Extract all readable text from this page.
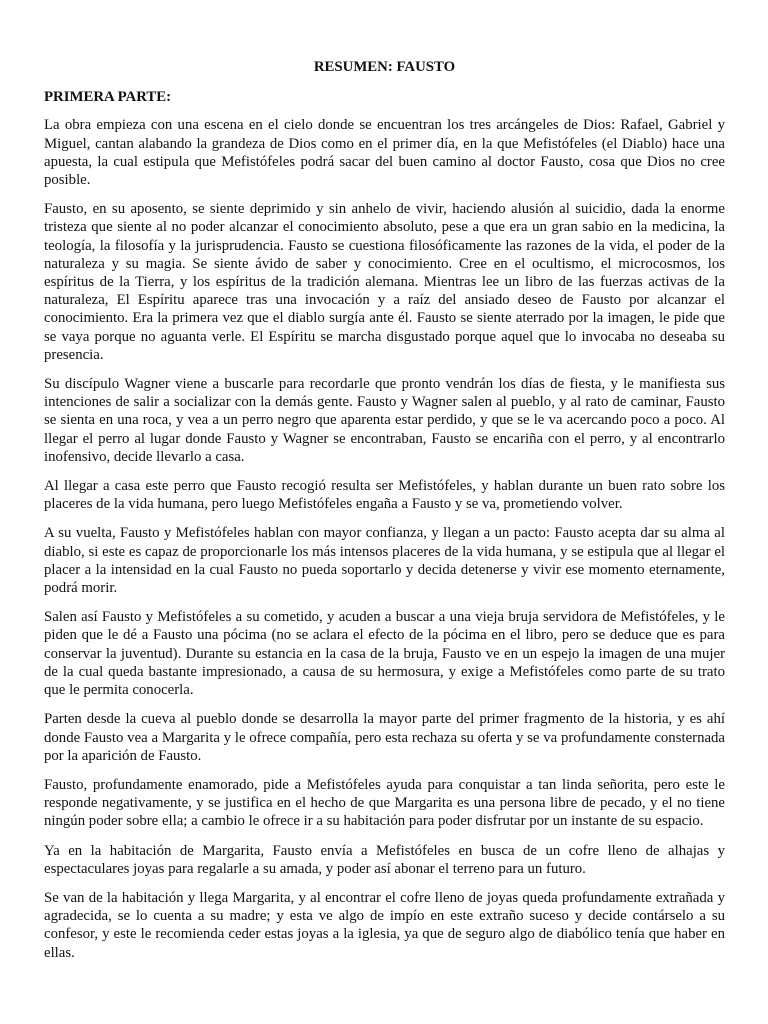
RESUMEN: FAUSTO
PRIMERA PARTE:

La obra empieza con una escena en el cielo donde se encuentran los tres arcángeles de Dios: Rafael, Gabriel y Miguel, cantan alabando la grandeza de Dios como en el primer día, en la que Mefistófeles (el Diablo) hace una apuesta, la cual estipula que Mefistófeles podrá sacar del buen camino al doctor Fausto, cosa que Dios no cree posible.

Fausto, en su aposento, se siente deprimido y sin anhelo de vivir, haciendo alusión al suicidio, dada la enorme tristeza que siente al no poder alcanzar el conocimiento absoluto, pese a que era un gran sabio en la medicina, la teología, la filosofía y la jurisprudencia. Fausto se cuestiona filosóficamente las razones de la vida, el poder de la naturaleza y su magia. Se siente ávido de saber y conocimiento. Cree en el ocultismo, el microcosmos, los espíritus de la Tierra, y los espíritus de la tradición alemana. Mientras lee un libro de las fuerzas activas de la naturaleza, El Espíritu aparece tras una invocación y a raíz del ansiado deseo de Fausto por alcanzar el conocimiento. Era la primera vez que el diablo surgía ante él. Fausto se siente aterrado por la imagen, le pide que se vaya porque no aguanta verle. El Espíritu se marcha disgustado porque aquel que lo invocaba no deseaba su presencia.

Su discípulo Wagner viene a buscarle para recordarle que pronto vendrán los días de fiesta, y le manifiesta sus intenciones de salir a socializar con la demás gente. Fausto y Wagner salen al pueblo, y al rato de caminar, Fausto se sienta en una roca, y vea a un perro negro que aparenta estar perdido, y que se le va acercando poco a poco. Al llegar el perro al lugar donde Fausto y Wagner se encontraban, Fausto se encariña con el perro, y al encontrarlo inofensivo, decide llevarlo a casa.

Al llegar a casa este perro que Fausto recogió resulta ser Mefistófeles, y hablan durante un buen rato sobre los placeres de la vida humana, pero luego Mefistófeles engaña a Fausto y se va, prometiendo volver.

A su vuelta, Fausto y Mefistófeles hablan con mayor confianza, y llegan a un pacto: Fausto acepta dar su alma al diablo, si este es capaz de proporcionarle los más intensos placeres de la vida humana, y se estipula que al llegar el placer a la intensidad en la cual Fausto no pueda soportarlo y decida detenerse y vivir ese momento eternamente, podrá morir.

Salen así Fausto y Mefistófeles a su cometido, y acuden a buscar a una vieja bruja servidora de Mefistófeles, y le piden que le dé a Fausto una pócima (no se aclara el efecto de la pócima en el libro, pero se deduce que es para conservar la juventud). Durante su estancia en la casa de la bruja, Fausto ve en un espejo la imagen de una mujer de la cual queda bastante impresionado, a causa de su hermosura, y exige a Mefistófeles como parte de su trato que le permita conocerla.

Parten desde la cueva al pueblo donde se desarrolla la mayor parte del primer fragmento de la historia, y es ahí donde Fausto vea a Margarita y le ofrece compañía, pero esta rechaza su oferta y se va profundamente consternada por la aparición de Fausto.

Fausto, profundamente enamorado, pide a Mefistófeles ayuda para conquistar a tan linda señorita, pero este le responde negativamente, y se justifica en el hecho de que Margarita es una persona libre de pecado, y el no tiene ningún poder sobre ella; a cambio le ofrece ir a su habitación para poder disfrutar por un instante de su espacio.

Ya en la habitación de Margarita, Fausto envía a Mefistófeles en busca de un cofre lleno de alhajas y espectaculares joyas para regalarle a su amada, y poder así abonar el terreno para un futuro.

Se van de la habitación y llega Margarita, y al encontrar el cofre lleno de joyas queda profundamente extrañada y agradecida, se lo cuenta a su madre; y esta ve algo de impío en este extraño suceso y decide contárselo a su confesor, y este le recomienda ceder estas joyas a la iglesia, ya que de seguro algo de diabólico tenía que haber en ellas.
